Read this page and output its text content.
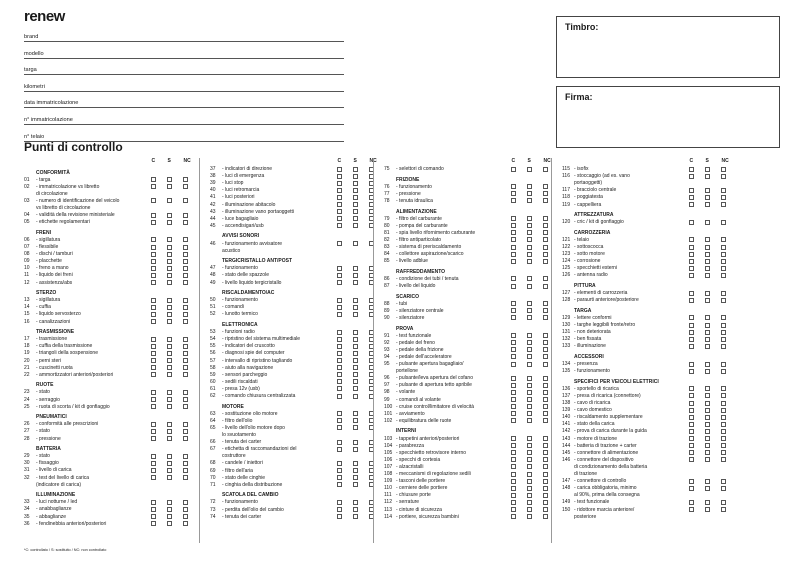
renew
brand
modello
targa
kilometri
data immatricolazione
n° immatricolazione
n° telaio
Timbro:
Firma:
Punti di controllo
C S	NC
CONFORMITÀ
01	- targa
02	- immatricolazione vs libretto
di circolazione
03	- numero di identificazione del veicolo
vs libretto di circolazione
04	- validità della revisione ministeriale
05	- etichette regolamentari
FRENI
06	- sigillatura
07	- flessibile
08	- dischi / tamburi
09	- placchette
10	- freno a mano
11	- liquido dei freni
12	- assistenza/abs
STERZO
13	- sigillatura
14	- cuffia
15	- liquido servosterzo
16	- canalizzazioni
TRASMISSIONE
17	- trasmissione
18	- cuffia della trasmissione
19	- triangoli della sospensione
20	- perni steri
21	- cuscinetti ruota
22	- ammortizzatori anteriori/posteriori
RUOTE
23	- stato
24	- serraggio
25	- ruota di scorta / kit di gonfiaggio
PNEUMATICI
26	- conformità alle prescrizioni
27	- stato
28	- pressione
BATTERIA
29	- stato
30	- fissaggio
31	- livello di carica
32	- test del livello di carica
(indicatore di carica)
ILLUMINAZIONE
33	- luci notturne / led
34	- anabbaglianze
35	- abbaglianze
36	- fendinebbia anteriori/posteriori
C S	NC
37	- indicatori di direzione
38	- luci di emergenza
39	- luci stop
40	- luci retromarcia
41	- luci posteriori
42	- illuminazione abitacolo
43	- illuminazione vano portaoggetti
44	- luce bagagliaio
45	- accendisigari/usb
AVVISI SONORI
46	- funzionamento avvisatore
acustico
TERGICRISTALLO ANT/POST
47	- funzionamento
48	- stato delle spazzole
49	- livello liquido tergicristallo
RISCALDAMENTO/AC
50	- funzionamento
51	- comandi
52	- lunotto termico
ELETTRONICA
53	- funzioni radio
54	- ripristino del sistema multimediale
55	- indicatori del cruscotto
56	- diagnosi spie del computer
57	- intervallo di ripristino tagliando
58	- aiuto alla navigazione
59	- sensori parcheggio
60	- sedili riscaldati
61	- presa 12v (usb)
62	- comando chiusura centralizzata
MOTORE
63	- sostituzione olio motore
64	- filtro dell'olio
65	- livello dell'olio motore dopo
lo svuotamento
66	- tenuta dei carter
67	- etichetta di raccomandazioni del
costruttore
68	- candele / iniettori
69	- filtro dell'aria
70	- stato delle cinghie
71	- cinghia della distribuzione
SCATOLA DEL CAMBIO
72	- funzionamento
73	- perdita dell'olio del cambio
74	- tenuta dei carter
C S	NC
75	- selettori di comando
FRIZIONE
76	- funzionamento
77	- pressione
78	- tenuta idraulica
ALIMENTAZIONE
79	- filtro del carburante
80	- pompa del carburante
81	- spia livello rifornimento carburante
82	- filtro antiparticolato
83	- sistema di preriscaldamento
84	- collettore aspirazione/scarico
85	- livello adblue
RAFFREDDAMENTO
86	- condizione dei tubi / tenuta
87	- livello del liquido
SCARICO
88	- tubi
89	- silenziatore centrale
90	- silenziatore
PROVA
91	- test funzionale
92	- pedale del freno
93	- pedale della frizione
94	- pedale dell'acceleratore
95	- pulsante apertura bagagliaio/
portellone
96	- pulsante/leva apertura del cofano
97	- pulsante di apertura tetto apribile
98	- volante
99	- comandi al volante
100 - cruise control/limitatore di velocità
101 - avviamento
102 - equilibratura delle ruote
INTERNI
103 - tappetini anteriori/posteriori
104 - parabrezza
105 - specchietto retrovisore interno
106 - specchi di cortesia
107 - alzacristalli
108 - meccanismi di regolazione sedili
109 - tasconi delle portiere
110 - cerniere delle portiere
111 - chiusure porte
112 - serrature
113 - cinture di sicurezza
114 - portiere, sicurezza bambini
C S	NC
115 - isofix
116 - stoccaggio (ad es. vano
portaoggetti)
117 - bracciolo centrale
118 - poggiatesta
119 - cappelliera
ATTREZZATURA
120 - cric / kit di gonfiaggio
CARROZZERIA
121 - telaio
122 - sottoscocca
123 - sotto motore
124 - corrosione
125 - specchietti esterni
126 - antenna radio
PITTURA
127 - elementi di carrozzeria
128 - paraurti anteriore/posteriore
TARGA
129 - lettere conformi
130 - targhe leggibili fronte/retro
131 - non deteriorata
132 - ben fissata
133 - illuminazione
ACCESSORI
134 - presenza
135 - funzionamento
SPECIFICI PER VEICOLI ELETTRICI
136 - sportello di ricarica
137 - presa di ricarica (connettore)
138 - cavo di ricarica
139 - cavo domestico
140 - riscaldamento supplementare
141 - stato della carica
142 - prova di carica durante la guida
143 - motore di trazione
144 - batteria di trazione + carter
145 - connettore di alimentazione
146 - connettore del dispositivo
di condizionamento della batteria
di trazione
147 - connettore di controllo
148 - carica obbligatoria, minimo
al 90%, prima della consegna
149 - test funzionale
150 - ridottore marcia anteriore/
posteriore
*C: controllato / S: sostituito / NC: non controllato
